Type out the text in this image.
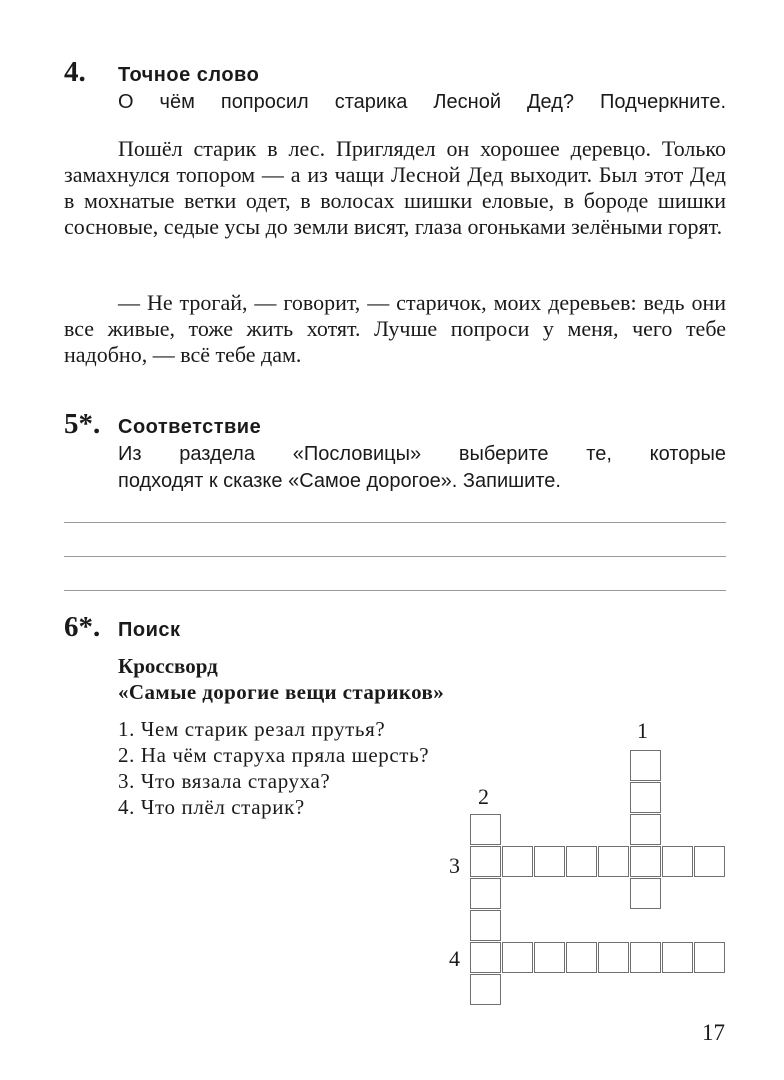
4. Точное слово
О чём попросил старика Лесной Дед? Подчеркните.

Пошёл старик в лес. Приглядел он хорошее деревцо. Только замахнулся топором — а из чащи Лесной Дед выходит. Был этот Дед в мохнатые ветки одет, в волосах шишки еловые, в бороде шишки сосновые, седые усы до земли висят, глаза огоньками зелёными горят.

— Не трогай, — говорит, — старичок, моих деревьев: ведь они все живые, тоже жить хотят. Лучше попроси у меня, чего тебе надобно, — всё тебе дам.

5*. Соответствие
Из раздела «Пословицы» выберите те, которые
подходят к сказке «Самое дорогое». Запишите.
6*. Поиск
Кроссворд
«Самые дорогие вещи стариков»
1. Чем старик резал прутья?
2. На чём старуха пряла шерсть?
3. Что вязала старуха?
4. Что плёл старик?
1
2
3
4
17
